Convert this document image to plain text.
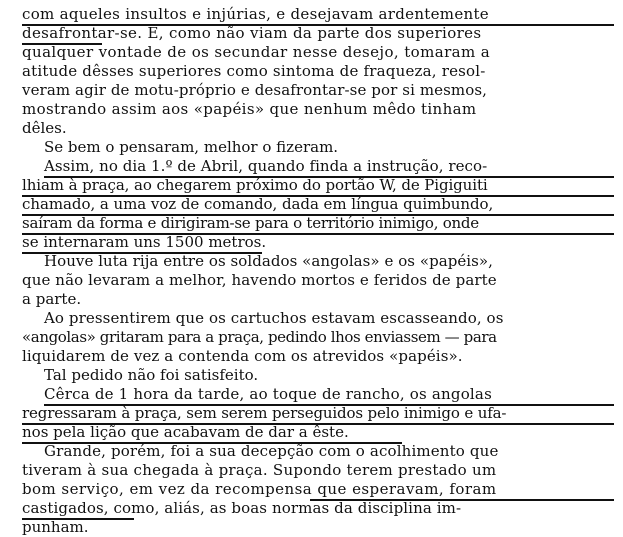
com aqueles insultos e injúrias, e desejavam ardentemente
desafrontar-se. E, como não viam da parte dos superiores
qualquer vontade de os secundar nesse desejo, tomaram a
atitude dêsses superiores como sintoma de fraqueza, resol-
veram agir de motu-próprio e desafrontar-se por si mesmos,
mostrando assim aos «papéis» que nenhum mêdo tinham
dêles.
Se bem o pensaram, melhor o fizeram.
Assim, no dia 1.º de Abril, quando finda a instrução, reco-
lhiam à praça, ao chegarem próximo do portão W, de Pigiguiti
chamado, a uma voz de comando, dada em língua quimbundo,
saíram da forma e dirigiram-se para o território inimigo, onde
se internaram uns 1500 metros.
Houve luta rija entre os soldados «angolas» e os «papéis»,
que não levaram a melhor, havendo mortos e feridos de parte
a parte.
Ao pressentirem que os cartuchos estavam escasseando, os
«angolas» gritaram para a praça, pedindo lhos enviassem — para
liquidarem de vez a contenda com os atrevidos «papéis».
Tal pedido não foi satisfeito.
Cêrca de 1 hora da tarde, ao toque de rancho, os angolas
regressaram à praça, sem serem perseguidos pelo inimigo e ufa-
nos pela lição que acabavam de dar a êste.
Grande, porém, foi a sua decepção com o acolhimento que
tiveram à sua chegada à praça. Supondo terem prestado um
bom serviço, em vez da recompensa que esperavam, foram
castigados, como, aliás, as boas normas da disciplina im-
punham.
